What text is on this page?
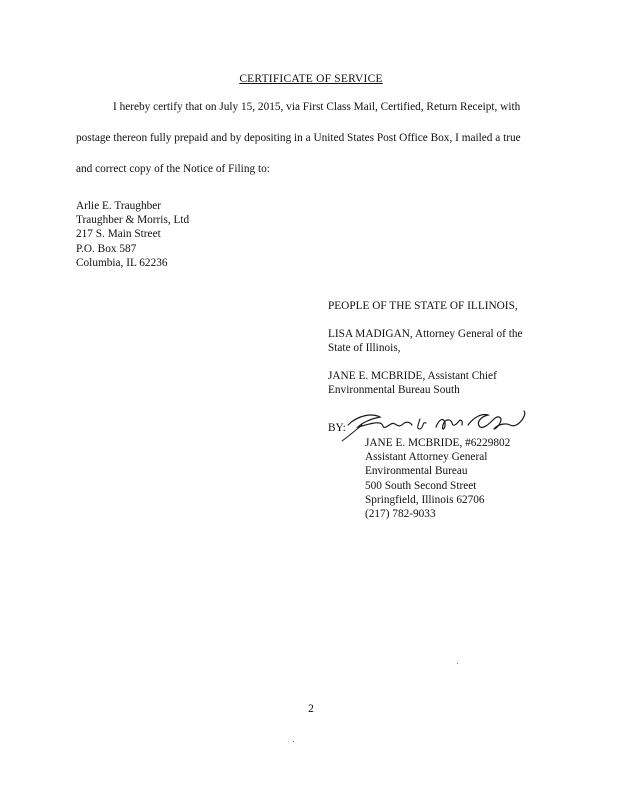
CERTIFICATE OF SERVICE
I hereby certify that on July 15, 2015, via First Class Mail, Certified, Return Receipt, with
postage thereon fully prepaid and by depositing in a United States Post Office Box, I mailed a true
and correct copy of the Notice of Filing to:
Arlie E. Traughber
Traughber & Morris, Ltd
217 S. Main Street
P.O. Box 587
Columbia, IL 62236
PEOPLE OF THE STATE OF ILLINOIS,
LISA MADIGAN, Attorney General of the
State of Illinois,
JANE E. MCBRIDE, Assistant Chief
Environmental Bureau South
BY:
JANE E. MCBRIDE, #6229802
Assistant Attorney General
Environmental Bureau
500 South Second Street
Springfield, Illinois 62706
(217) 782-9033
2
